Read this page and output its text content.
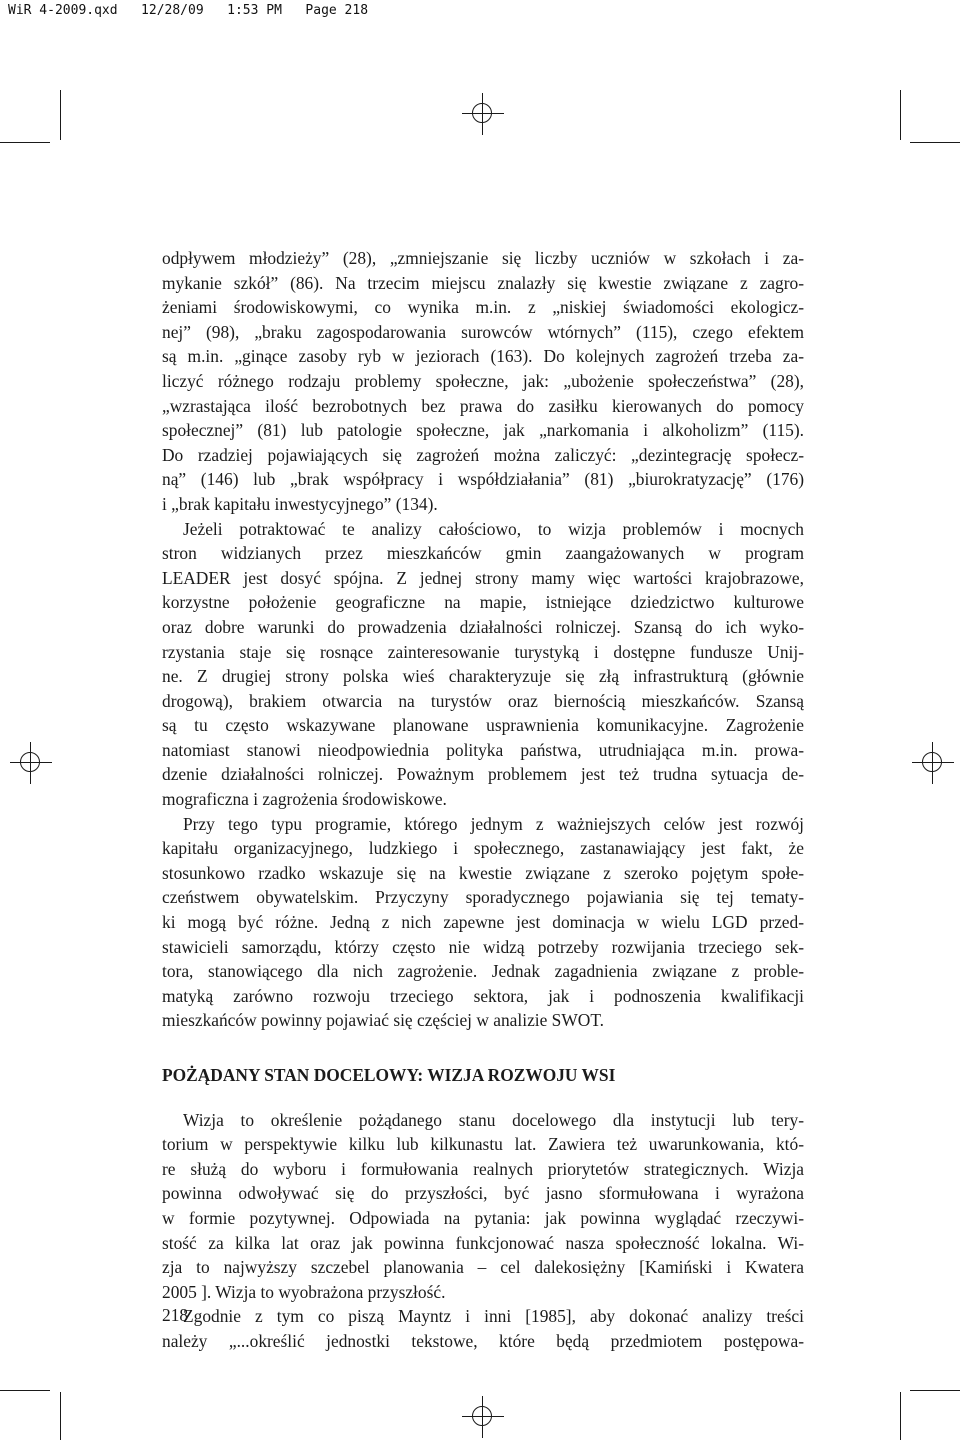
WiR 4-2009.qxd   12/28/09   1:53 PM   Page 218
odpływem młodzieży” (28), „zmniejszanie się liczby uczniów w szkołach i za-
mykanie szkół” (86). Na trzecim miejscu znalazły się kwestie związane z zagro-
żeniami środowiskowymi, co wynika m.in. z „niskiej świadomości ekologicz-
nej” (98), „braku zagospodarowania surowców wtórnych” (115), czego efektem
są m.in. „ginące zasoby ryb w jeziorach (163). Do kolejnych zagrożeń trzeba za-
liczyć różnego rodzaju problemy społeczne, jak: „ubożenie społeczeństwa” (28),
„wzrastająca ilość bezrobotnych bez prawa do zasiłku kierowanych do pomocy
społecznej” (81) lub patologie społeczne, jak „narkomania i alkoholizm” (115).
Do rzadziej pojawiających się zagrożeń można zaliczyć: „dezintegrację społecz-
ną” (146) lub „brak współpracy i współdziałania” (81) „biurokratyzację” (176)
i „brak kapitału inwestycyjnego” (134).
Jeżeli potraktować te analizy całościowo, to wizja problemów i mocnych
stron widzianych przez mieszkańców gmin zaangażowanych w program
LEADER jest dosyć spójna. Z jednej strony mamy więc wartości krajobrazowe,
korzystne położenie geograficzne na mapie, istniejące dziedzictwo kulturowe
oraz dobre warunki do prowadzenia działalności rolniczej. Szansą do ich wyko-
rzystania staje się rosnące zainteresowanie turystyką i dostępne fundusze Unij-
ne. Z drugiej strony polska wieś charakteryzuje się złą infrastrukturą (głównie
drogową), brakiem otwarcia na turystów oraz biernością mieszkańców. Szansą
są tu często wskazywane planowane usprawnienia komunikacyjne. Zagrożenie
natomiast stanowi nieodpowiednia polityka państwa, utrudniająca m.in. prowa-
dzenie działalności rolniczej. Poważnym problemem jest też trudna sytuacja de-
mograficzna i zagrożenia środowiskowe.
Przy tego typu programie, którego jednym z ważniejszych celów jest rozwój
kapitału organizacyjnego, ludzkiego i społecznego, zastanawiający jest fakt, że
stosunkowo rzadko wskazuje się na kwestie związane z szeroko pojętym społe-
czeństwem obywatelskim. Przyczyny sporadycznego pojawiania się tej tematy-
ki mogą być różne. Jedną z nich zapewne jest dominacja w wielu LGD przed-
stawicieli samorządu, którzy często nie widzą potrzeby rozwijania trzeciego sek-
tora, stanowiącego dla nich zagrożenie. Jednak zagadnienia związane z proble-
matyką zarówno rozwoju trzeciego sektora, jak i podnoszenia kwalifikacji
mieszkańców powinny pojawiać się częściej w analizie SWOT.
POŻĄDANY STAN DOCELOWY: WIZJA ROZWOJU WSI
Wizja to określenie pożądanego stanu docelowego dla instytucji lub tery-
torium w perspektywie kilku lub kilkunastu lat. Zawiera też uwarunkowania, któ-
re służą do wyboru i formułowania realnych priorytetów strategicznych. Wizja
powinna odwoływać się do przyszłości, być jasno sformułowana i wyrażona
w formie pozytywnej. Odpowiada na pytania: jak powinna wyglądać rzeczywi-
stość za kilka lat oraz jak powinna funkcjonować nasza społeczność lokalna. Wi-
zja to najwyższy szczebel planowania – cel dalekosiężny [Kamiński i Kwatera
2005 ]. Wizja to wyobrażona przyszłość.
Zgodnie z tym co piszą Mayntz i inni [1985], aby dokonać analizy treści
należy „...określić jednostki tekstowe, które będą przedmiotem postępowa-
218
